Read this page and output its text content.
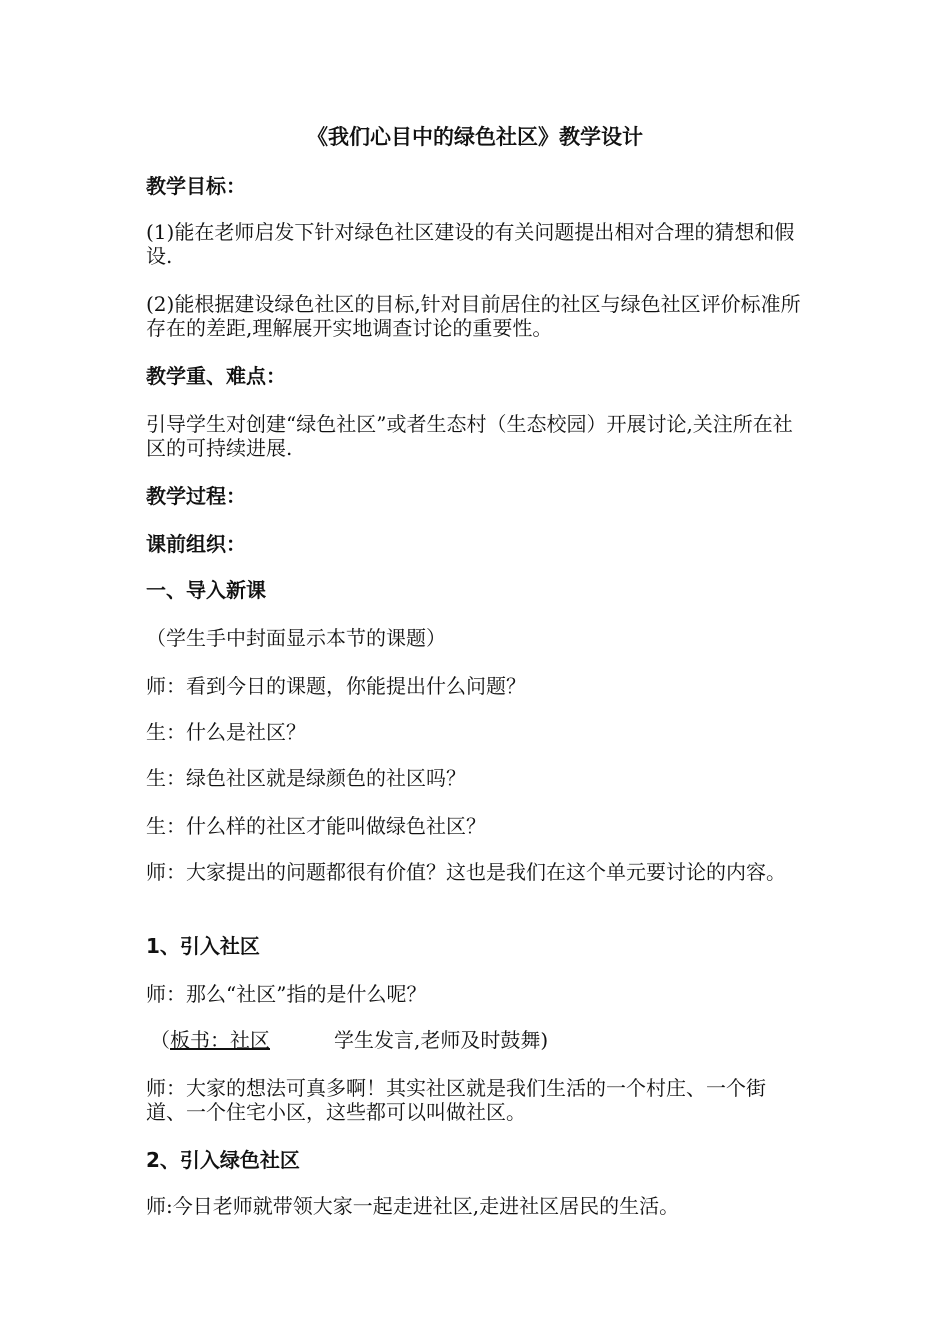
《我们心目中的绿色社区》教学设计

教学目标：

(1)能在老师启发下针对绿色社区建设的有关问题提出相对合理的猜想和假设.

(2)能根据建设绿色社区的目标,针对目前居住的社区与绿色社区评价标准所存在的差距,理解展开实地调查讨论的重要性。

教学重、难点：

引导学生对创建“绿色社区”或者生态村（生态校园）开展讨论,关注所在社区的可持续进展.

教学过程：

课前组织：

一、导入新课

（学生手中封面显示本节的课题）

师：看到今日的课题，你能提出什么问题？

生：什么是社区？

生：绿色社区就是绿颜色的社区吗？

生：什么样的社区才能叫做绿色社区？

师：大家提出的问题都很有价值？这也是我们在这个单元要讨论的内容。

1、引入社区

师：那么“社区”指的是什么呢？

（板书：社区	学生发言,老师及时鼓舞)

师：大家的想法可真多啊！其实社区就是我们生活的一个村庄、一个街道、一个住宅小区，这些都可以叫做社区。

2、引入绿色社区

师:今日老师就带领大家一起走进社区,走进社区居民的生活。
